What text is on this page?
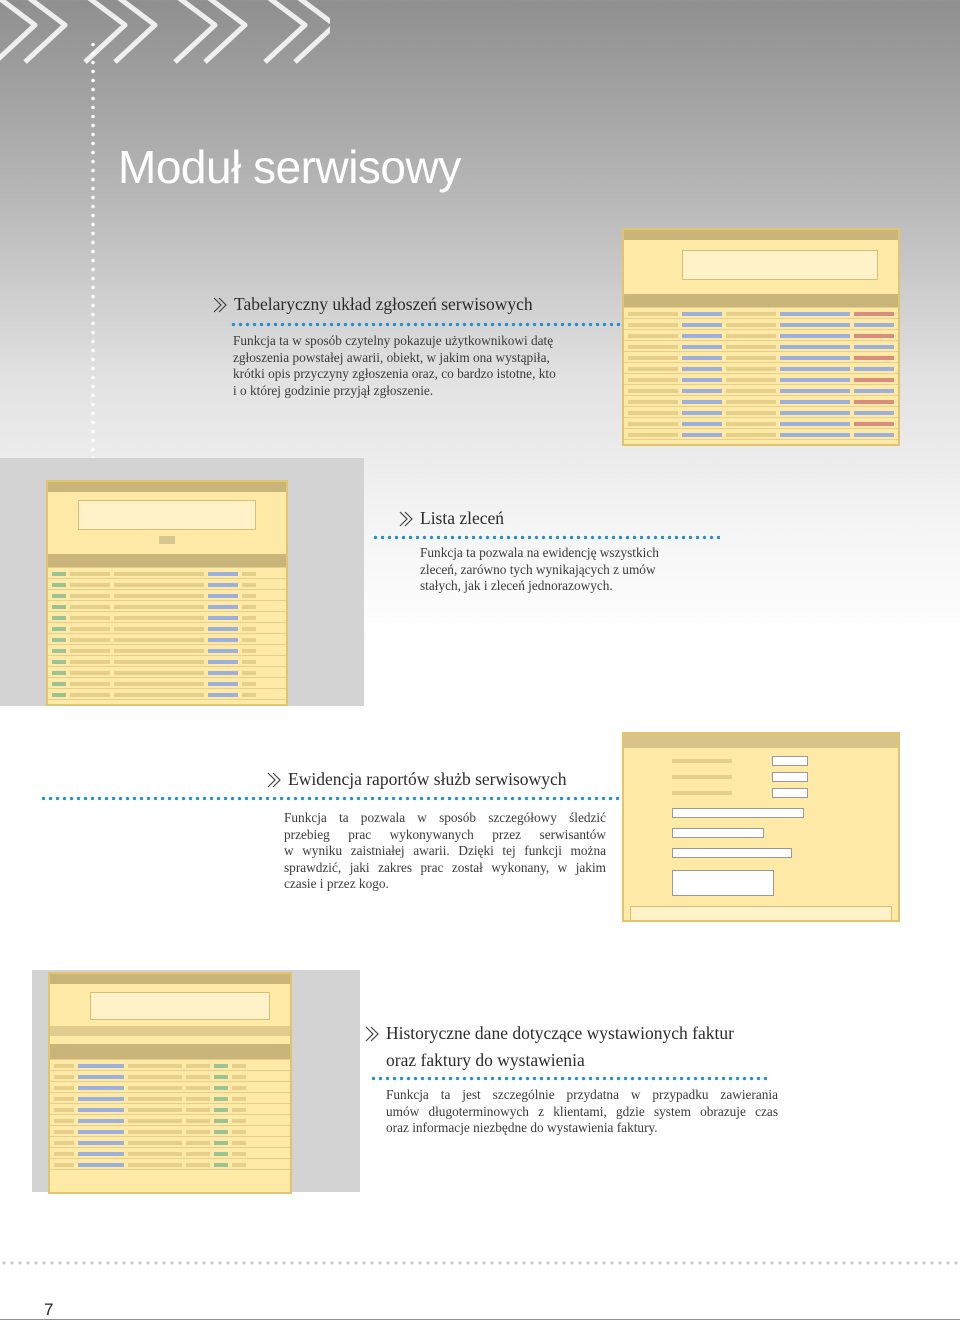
Moduł serwisowy
Tabelaryczny układ zgłoszeń serwisowych
Funkcja ta w sposób czytelny pokazuje użytkownikowi datę
zgłoszenia powstałej awarii, obiekt, w jakim ona wystąpiła,
krótki opis przyczyny zgłoszenia oraz, co bardzo istotne, kto
i o której godzinie przyjął zgłoszenie.
Lista zleceń
Funkcja ta pozwala na ewidencję wszystkich
zleceń, zarówno tych wynikających z umów
stałych, jak i zleceń jednorazowych.
Ewidencja raportów służb serwisowych
Funkcja ta pozwala w sposób szczegółowy śledzić
przebieg prac wykonywanych przez serwisantów
w wyniku zaistniałej awarii. Dzięki tej funkcji można
sprawdzić, jaki zakres prac został wykonany, w jakim
czasie i przez kogo.
Historyczne dane dotyczące wystawionych faktur
oraz faktury do wystawienia
Funkcja ta jest szczególnie przydatna w przypadku zawierania
umów długoterminowych z klientami, gdzie system obrazuje czas
oraz informacje niezbędne do wystawienia faktury.
7
